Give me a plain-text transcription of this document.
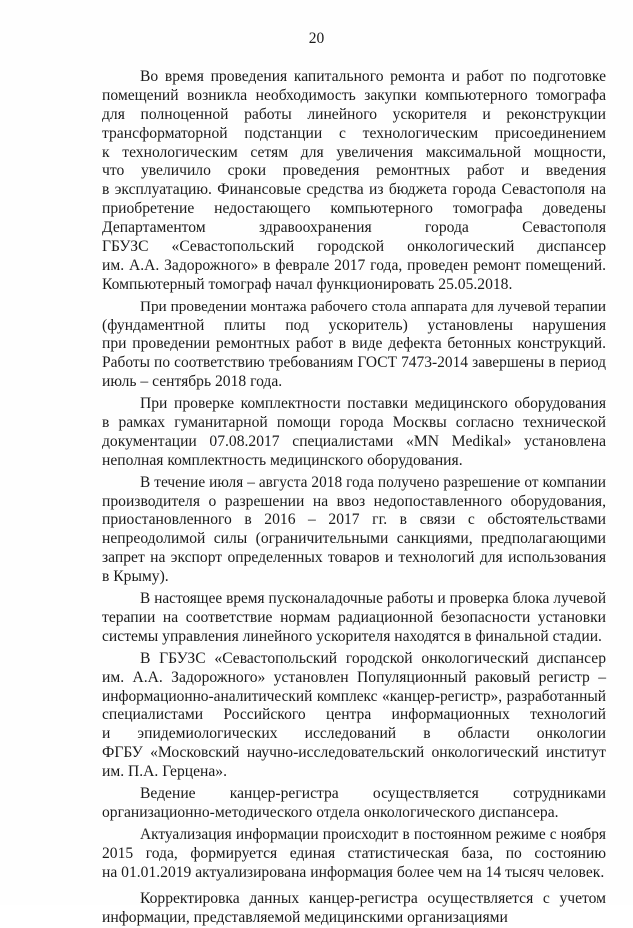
20
Во время проведения капитального ремонта и работ по подготовке
помещений возникла необходимость закупки компьютерного томографа
для полноценной работы линейного ускорителя и реконструкции
трансформаторной подстанции с технологическим присоединением
к технологическим сетям для увеличения максимальной мощности,
что увеличило сроки проведения ремонтных работ и введения
в эксплуатацию. Финансовые средства из бюджета города Севастополя на
приобретение недостающего компьютерного томографа доведены
Департаментом здравоохранения города Севастополя
ГБУЗС «Севастопольский городской онкологический диспансер
им. А.А. Задорожного» в феврале 2017 года, проведен ремонт помещений.
Компьютерный томограф начал функционировать 25.05.2018.
При проведении монтажа рабочего стола аппарата для лучевой терапии
(фундаментной плиты под ускоритель) установлены нарушения
при проведении ремонтных работ в виде дефекта бетонных конструкций.
Работы по соответствию требованиям ГОСТ 7473-2014 завершены в период
июль – сентябрь 2018 года.
При проверке комплектности поставки медицинского оборудования
в рамках гуманитарной помощи города Москвы согласно технической
документации 07.08.2017 специалистами «MN Medikal» установлена
неполная комплектность медицинского оборудования.
В течение июля – августа 2018 года получено разрешение от компании
производителя о разрешении на ввоз недопоставленного оборудования,
приостановленного в 2016 – 2017 гг. в связи с обстоятельствами
непреодолимой силы (ограничительными санкциями, предполагающими
запрет на экспорт определенных товаров и технологий для использования
в Крыму).
В настоящее время пусконаладочные работы и проверка блока лучевой
терапии на соответствие нормам радиационной безопасности установки
системы управления линейного ускорителя находятся в финальной стадии.
В ГБУЗС «Севастопольский городской онкологический диспансер
им. А.А. Задорожного» установлен Популяционный раковый регистр –
информационно-аналитический комплекс «канцер-регистр», разработанный
специалистами Российского центра информационных технологий
и эпидемиологических исследований в области онкологии
ФГБУ «Московский научно-исследовательский онкологический институт
им. П.А. Герцена».
Ведение канцер-регистра осуществляется сотрудниками
организационно-методического отдела онкологического диспансера.
Актуализация информации происходит в постоянном режиме с ноября
2015 года, формируется единая статистическая база, по состоянию
на 01.01.2019 актуализирована информация более чем на 14 тысяч человек.
Корректировка данных канцер-регистра осуществляется с учетом
информации, представляемой медицинскими организациями
